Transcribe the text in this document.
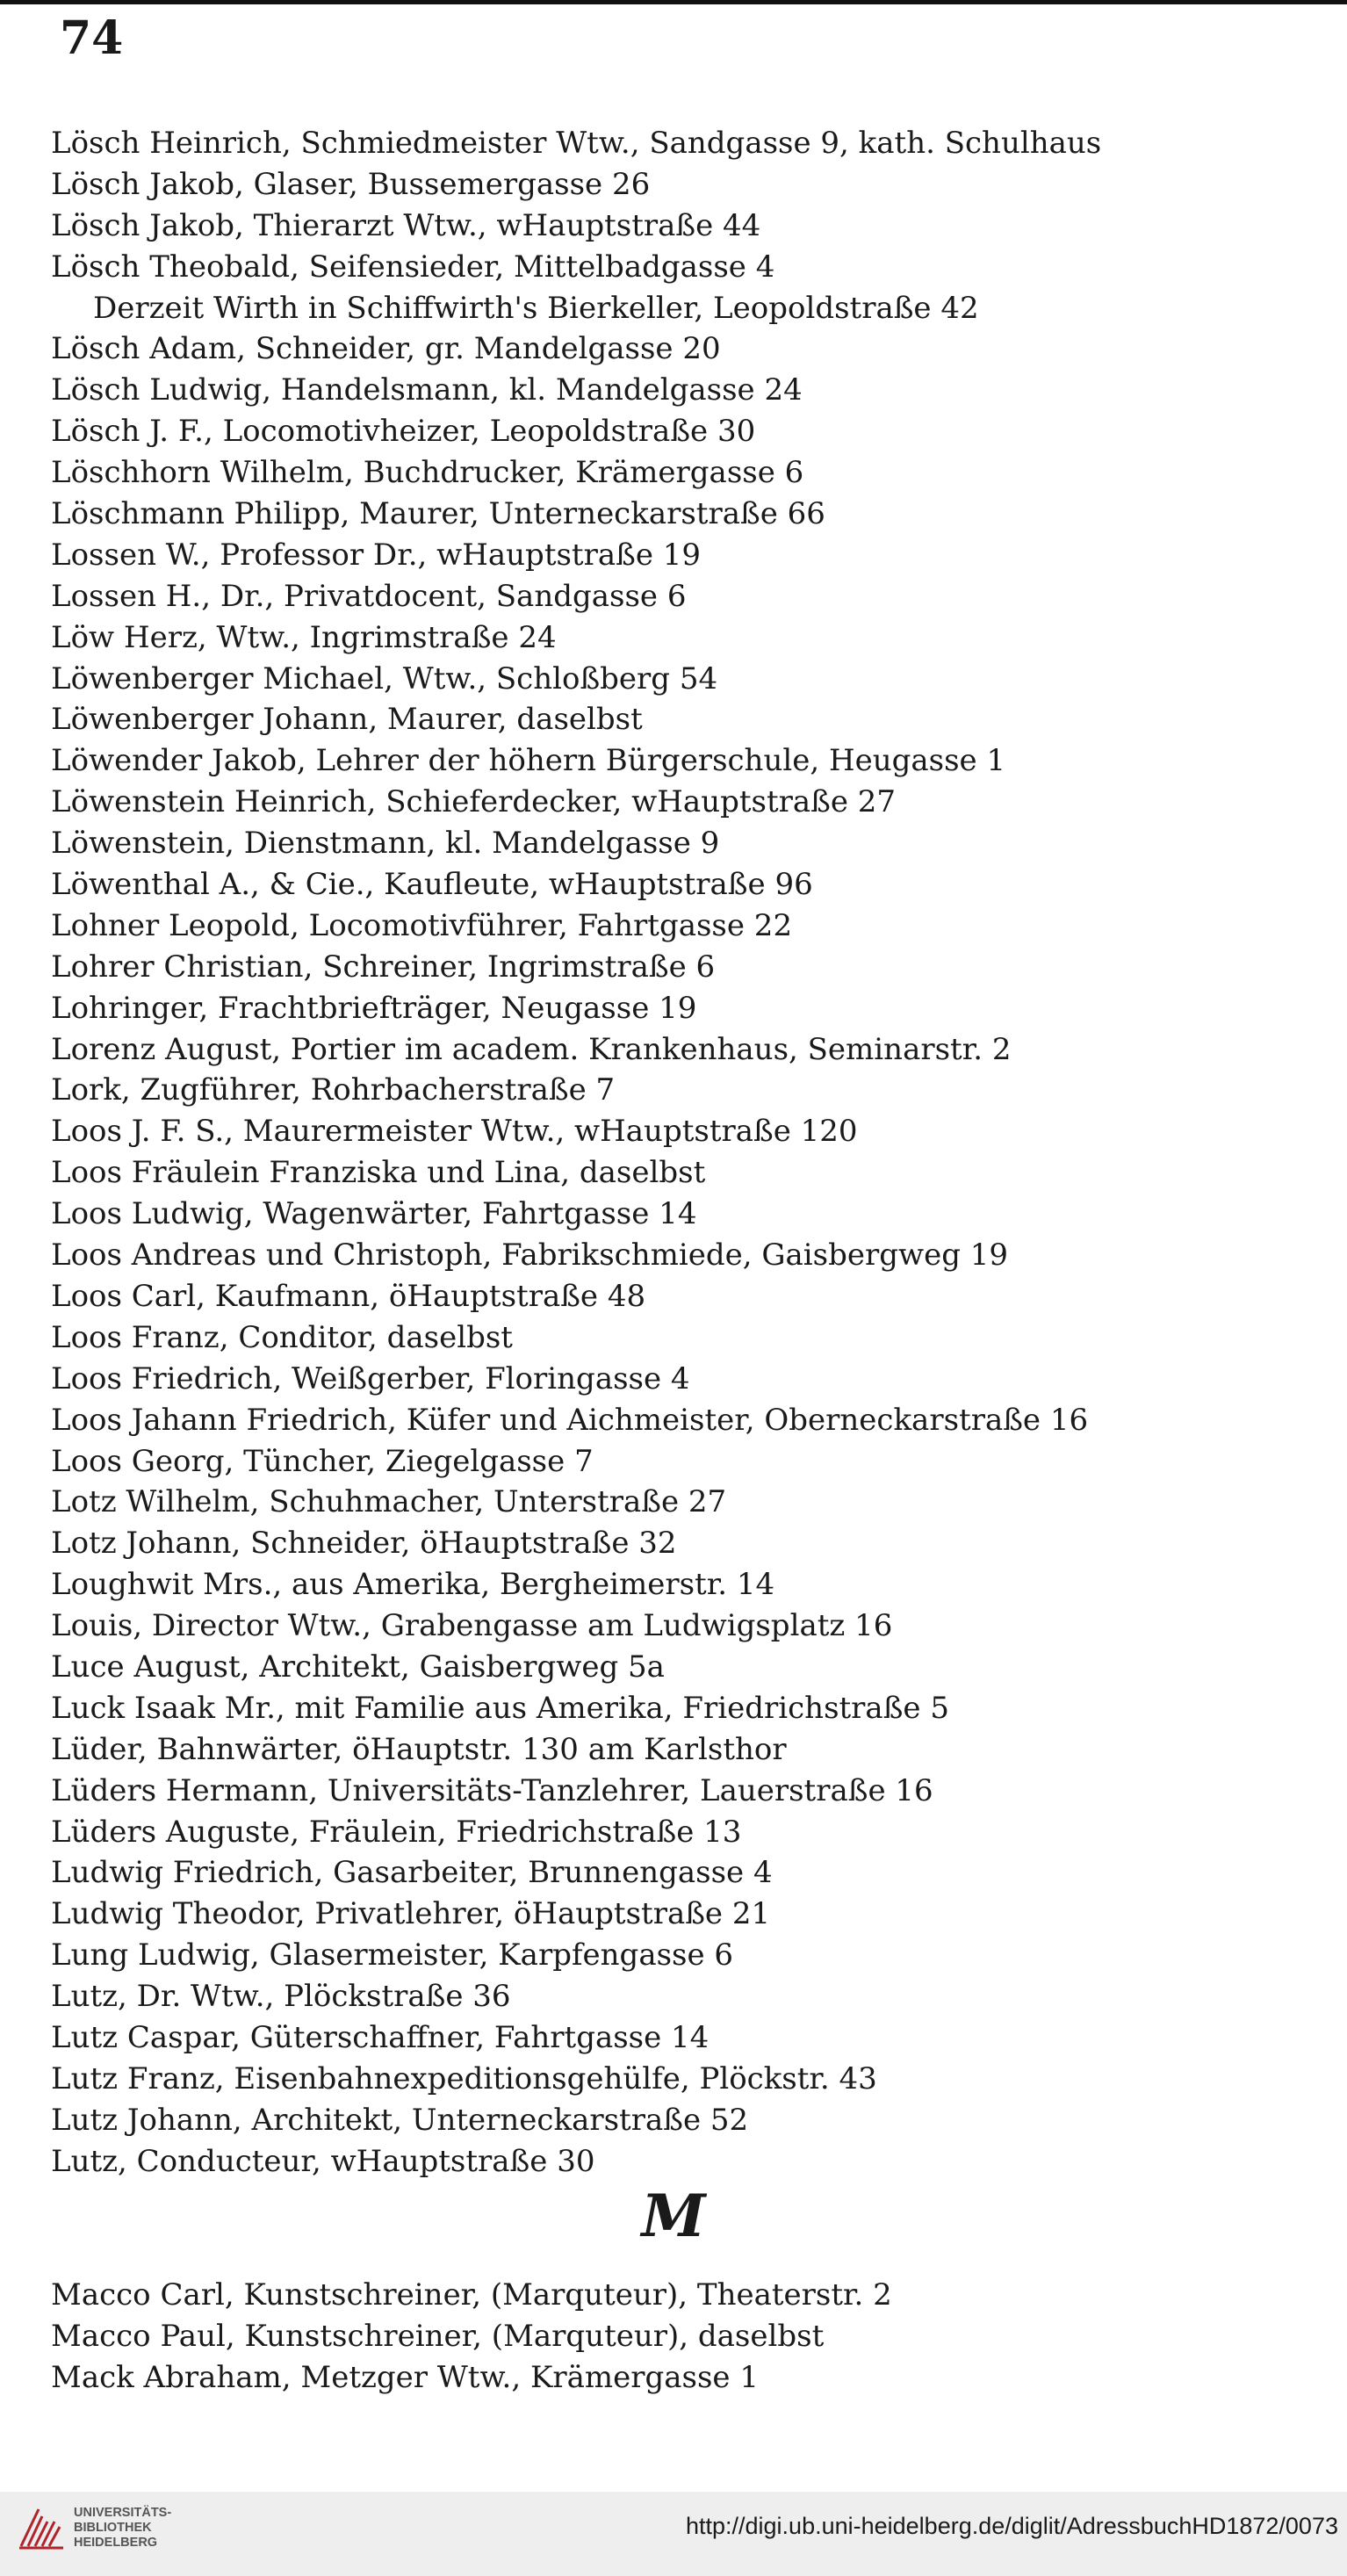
74
Lösch Heinrich, Schmiedmeister Wtw., Sandgasse 9, kath. Schulhaus
Lösch Jakob, Glaser, Bussemergasse 26
Lösch Jakob, Thierarzt Wtw., wHauptstraße 44
Lösch Theobald, Seifensieder, Mittelbadgasse 4
Derzeit Wirth in Schiffwirth's Bierkeller, Leopoldstraße 42
Lösch Adam, Schneider, gr. Mandelgasse 20
Lösch Ludwig, Handelsmann, kl. Mandelgasse 24
Lösch J. F., Locomotivheizer, Leopoldstraße 30
Löschhorn Wilhelm, Buchdrucker, Krämergasse 6
Löschmann Philipp, Maurer, Unterneckarstraße 66
Lossen W., Professor Dr., wHauptstraße 19
Lossen H., Dr., Privatdocent, Sandgasse 6
Löw Herz, Wtw., Ingrimstraße 24
Löwenberger Michael, Wtw., Schloßberg 54
Löwenberger Johann, Maurer, daselbst
Löwender Jakob, Lehrer der höhern Bürgerschule, Heugasse 1
Löwenstein Heinrich, Schieferdecker, wHauptstraße 27
Löwenstein, Dienstmann, kl. Mandelgasse 9
Löwenthal A., & Cie., Kaufleute, wHauptstraße 96
Lohner Leopold, Locomotivführer, Fahrtgasse 22
Lohrer Christian, Schreiner, Ingrimstraße 6
Lohringer, Frachtbriefträger, Neugasse 19
Lorenz August, Portier im academ. Krankenhaus, Seminarstr. 2
Lork, Zugführer, Rohrbacherstraße 7
Loos J. F. S., Maurermeister Wtw., wHauptstraße 120
Loos Fräulein Franziska und Lina, daselbst
Loos Ludwig, Wagenwärter, Fahrtgasse 14
Loos Andreas und Christoph, Fabrikschmiede, Gaisbergweg 19
Loos Carl, Kaufmann, öHauptstraße 48
Loos Franz, Conditor, daselbst
Loos Friedrich, Weißgerber, Floringasse 4
Loos Jahann Friedrich, Küfer und Aichmeister, Oberneckarstraße 16
Loos Georg, Tüncher, Ziegelgasse 7
Lotz Wilhelm, Schuhmacher, Unterstraße 27
Lotz Johann, Schneider, öHauptstraße 32
Loughwit Mrs., aus Amerika, Bergheimerstr. 14
Louis, Director Wtw., Grabengasse am Ludwigsplatz 16
Luce August, Architekt, Gaisbergweg 5a
Luck Isaak Mr., mit Familie aus Amerika, Friedrichstraße 5
Lüder, Bahnwärter, öHauptstr. 130 am Karlsthor
Lüders Hermann, Universitäts-Tanzlehrer, Lauerstraße 16
Lüders Auguste, Fräulein, Friedrichstraße 13
Ludwig Friedrich, Gasarbeiter, Brunnengasse 4
Ludwig Theodor, Privatlehrer, öHauptstraße 21
Lung Ludwig, Glasermeister, Karpfengasse 6
Lutz, Dr. Wtw., Plöckstraße 36
Lutz Caspar, Güterschaffner, Fahrtgasse 14
Lutz Franz, Eisenbahnexpeditionsgehülfe, Plöckstr. 43
Lutz Johann, Architekt, Unterneckarstraße 52
Lutz, Conducteur, wHauptstraße 30
M
Macco Carl, Kunstschreiner, (Marquteur), Theaterstr. 2
Macco Paul, Kunstschreiner, (Marquteur), daselbst
Mack Abraham, Metzger Wtw., Krämergasse 1
UNIVERSITÄTS-
BIBLIOTHEK
HEIDELBERG
http://digi.ub.uni-heidelberg.de/diglit/AdressbuchHD1872/0073
